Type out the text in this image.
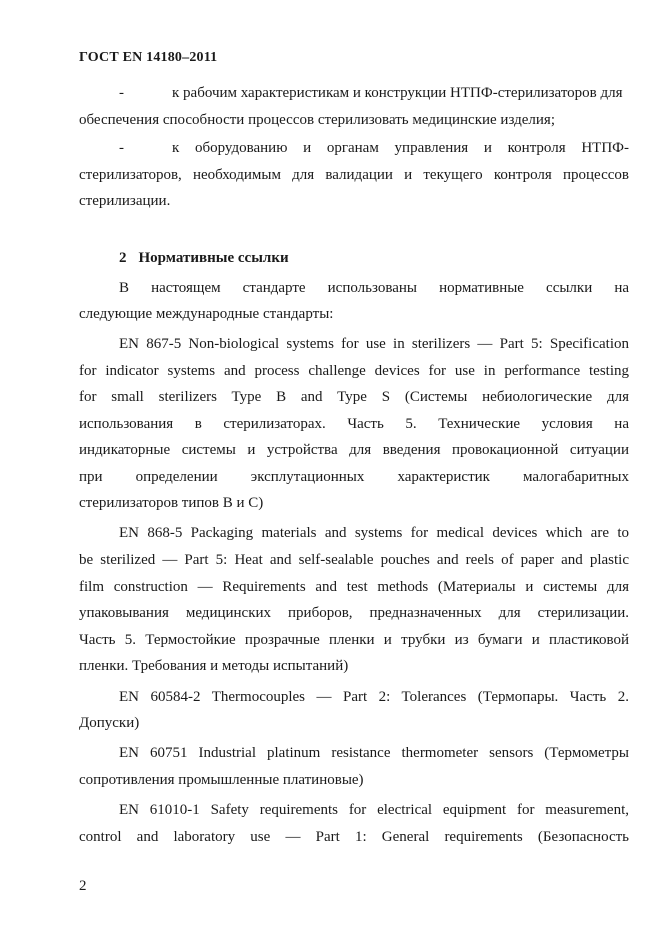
ГОСТ EN 14180–2011
-	к рабочим характеристикам и конструкции НТПФ-стерилизаторов для
обеспечения способности процессов стерилизовать медицинские изделия;
-	к оборудованию и органам управления и контроля НТПФ-
стерилизаторов, необходимым для валидации и текущего контроля процессов
стерилизации.
2 Нормативные ссылки
В настоящем стандарте использованы нормативные ссылки на
следующие международные стандарты:
EN 867-5 Non-biological systems for use in sterilizers — Part 5: Specification
for indicator systems and process challenge devices for use in performance testing
for small sterilizers Type B and Type S (Системы небиологические для
использования в стерилизаторах. Часть 5. Технические условия на
индикаторные системы и устройства для введения провокационной ситуации
при определении эксплутационных характеристик малогабаритных
стерилизаторов типов В и С)
EN 868-5 Packaging materials and systems for medical devices which are to
be sterilized — Part 5: Heat and self-sealable pouches and reels of paper and plastic
film construction — Requirements and test methods (Материалы и системы для
упаковывания медицинских приборов, предназначенных для стерилизации.
Часть 5. Термостойкие прозрачные пленки и трубки из бумаги и пластиковой
пленки. Требования и методы испытаний)
EN 60584-2 Thermocouples — Part 2: Tolerances (Термопары. Часть 2.
Допуски)
EN 60751 Industrial platinum resistance thermometer sensors (Термометры
сопротивления промышленные платиновые)
EN 61010-1 Safety requirements for electrical equipment for measurement,
control and laboratory use — Part 1: General requirements (Безопасность
2
